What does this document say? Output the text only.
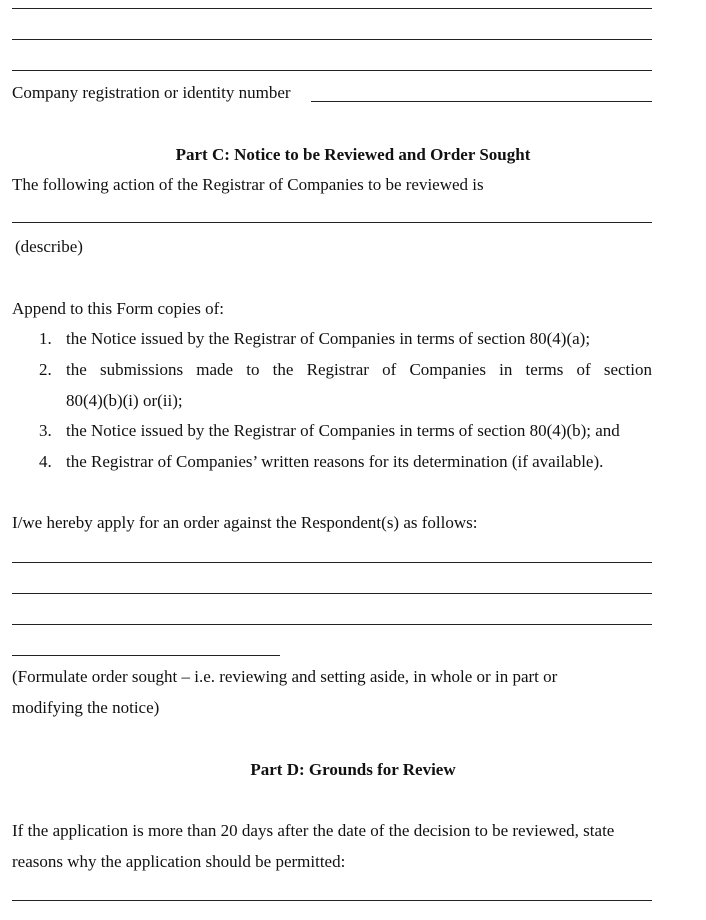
Company registration or identity number
Part C: Notice to be Reviewed and Order Sought
The following action of the Registrar of Companies to be reviewed is
(describe)
Append to this Form copies of:
1. the Notice issued by the Registrar of Companies in terms of section 80(4)(a);
2. the submissions made to the Registrar of Companies in terms of section
80(4)(b)(i) or(ii);
3. the Notice issued by the Registrar of Companies in terms of section 80(4)(b); and
4. the Registrar of Companies’ written reasons for its determination (if available).
I/we hereby apply for an order against the Respondent(s) as follows:
(Formulate order sought – i.e. reviewing and setting aside, in whole or in part or
modifying the notice)
Part D: Grounds for Review
If the application is more than 20 days after the date of the decision to be reviewed, state
reasons why the application should be permitted:
